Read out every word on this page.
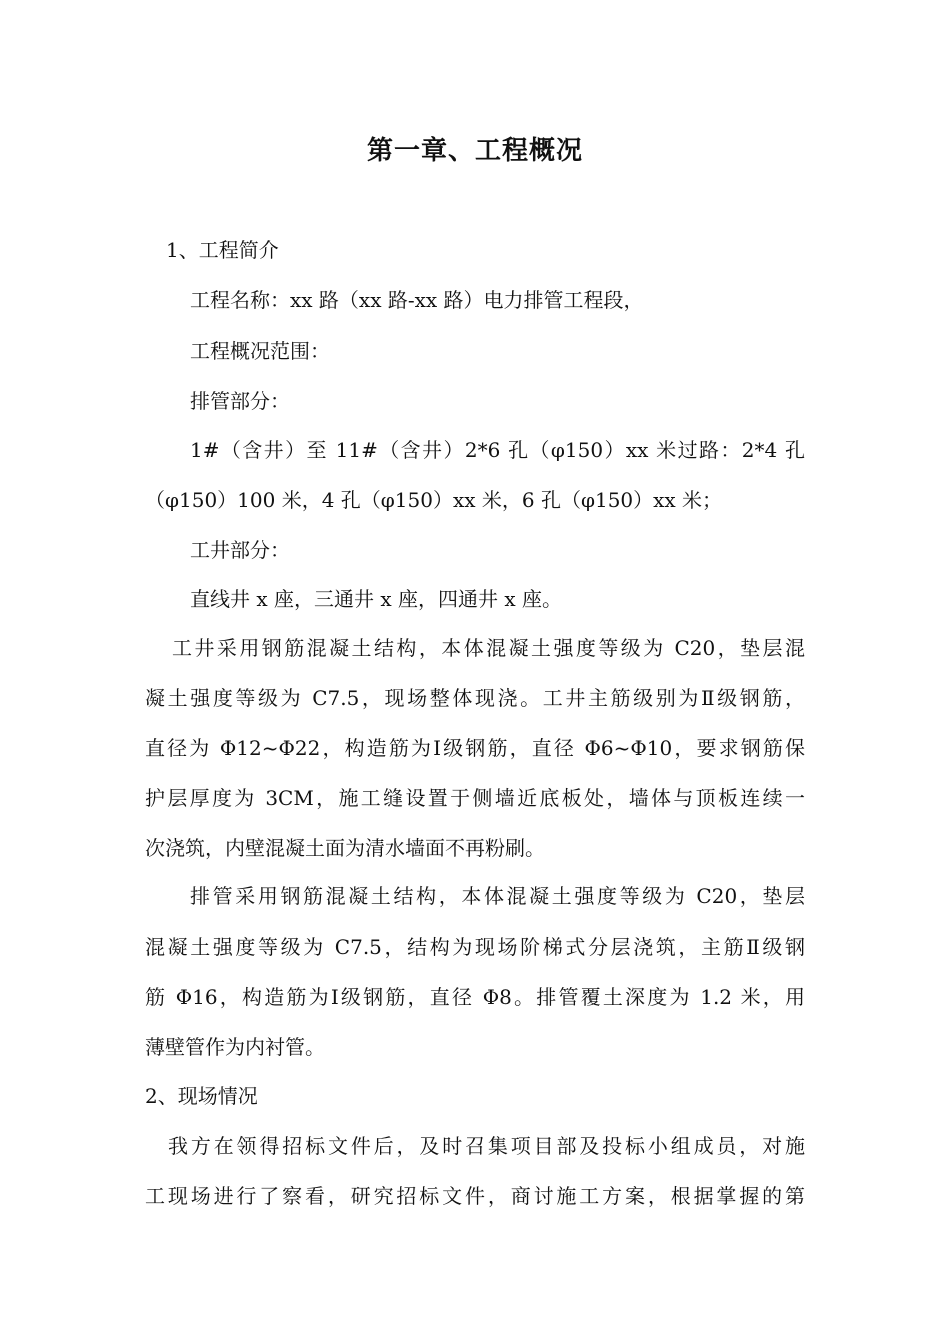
第一章、工程概况
1、工程简介
工程名称：xx 路（xx 路-xx 路）电力排管工程段，
工程概况范围：
排管部分：
1#（含井）至 11#（含井）2*6 孔（φ150）xx 米过路：2*4 孔
（φ150）100 米，4 孔（φ150）xx 米，6 孔（φ150）xx 米；
工井部分：
直线井 x 座，三通井 x 座，四通井 x 座。
工井采用钢筋混凝土结构，本体混凝土强度等级为 C20，垫层混
凝土强度等级为 C7.5，现场整体现浇。工井主筋级别为Ⅱ级钢筋，
直径为 Φ12~Φ22，构造筋为Ⅰ级钢筋，直径 Φ6~Φ10，要求钢筋保
护层厚度为 3CM，施工缝设置于侧墙近底板处，墙体与顶板连续一
次浇筑，内壁混凝土面为清水墙面不再粉刷。
排管采用钢筋混凝土结构，本体混凝土强度等级为 C20，垫层
混凝土强度等级为 C7.5，结构为现场阶梯式分层浇筑，主筋Ⅱ级钢
筋 Φ16，构造筋为Ⅰ级钢筋，直径 Φ8。排管覆土深度为 1.2 米，用
薄壁管作为内衬管。
2、现场情况
我方在领得招标文件后，及时召集项目部及投标小组成员，对施
工现场进行了察看，研究招标文件，商讨施工方案，根据掌握的第
